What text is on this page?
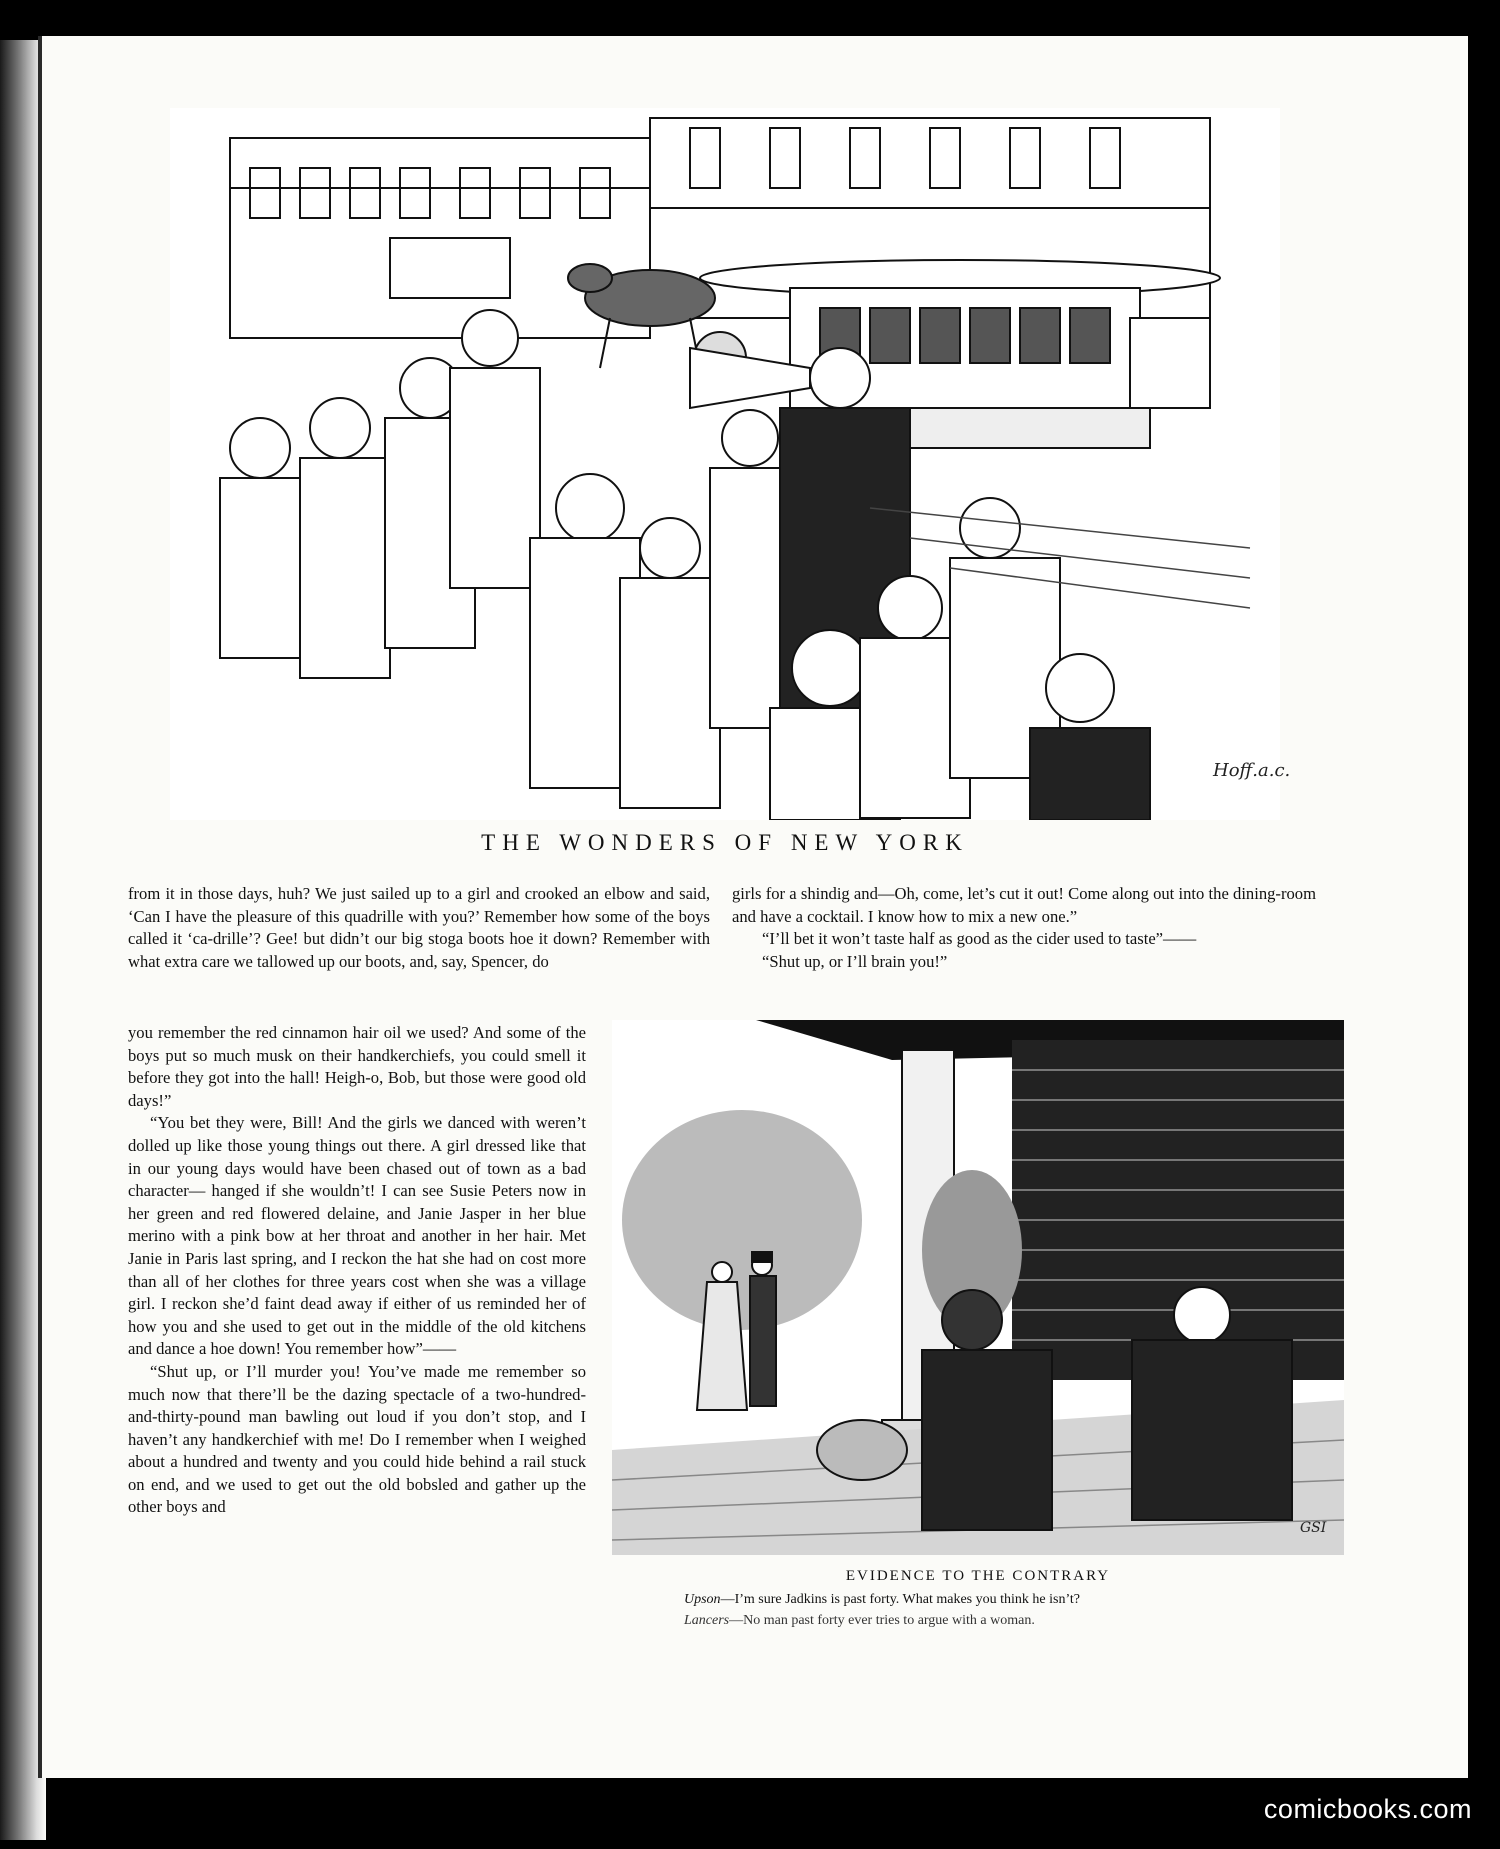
Hoff.a.c.
THE WONDERS OF NEW YORK

from it in those days, huh? We just sailed up to a girl and crooked an elbow and said, ‘Can I have the pleasure of this quadrille with you?’ Remember how some of the boys called it ‘ca-drille’? Gee! but didn’t our big stoga boots hoe it down? Remember with what extra care we tallowed up our boots, and, say, Spencer, do

you remember the red cinnamon hair oil we used? And some of the boys put so much musk on their handkerchiefs, you could smell it before they got into the hall! Heigh-o, Bob, but those were good old days!”

“You bet they were, Bill! And the girls we danced with weren’t dolled up like those young things out there. A girl dressed like that in our young days would have been chased out of town as a bad character— hanged if she wouldn’t! I can see Susie Peters now in her green and red flowered delaine, and Janie Jasper in her blue merino with a pink bow at her throat and another in her hair. Met Janie in Paris last spring, and I reckon the hat she had on cost more than all of her clothes for three years cost when she was a village girl. I reckon she’d faint dead away if either of us reminded her of how you and she used to get out in the middle of the old kitchens and dance a hoe down! You remember how”——

“Shut up, or I’ll murder you! You’ve made me remember so much now that there’ll be the dazing spectacle of a two-hundred-and-thirty-pound man bawling out loud if you don’t stop, and I haven’t any handkerchief with me! Do I remember when I weighed about a hundred and twenty and you could hide behind a rail stuck on end, and we used to get out the old bobsled and gather up the other boys and

girls for a shindig and—Oh, come, let’s cut it out! Come along out into the dining-room and have a cocktail. I know how to mix a new one.”

“I’ll bet it won’t taste half as good as the cider used to taste”——

“Shut up, or I’ll brain you!”

GSI
EVIDENCE TO THE CONTRARY
Upson—I’m sure Jadkins is past forty. What makes you think he isn’t?
Lancers—No man past forty ever tries to argue with a woman.
comicbooks.com
